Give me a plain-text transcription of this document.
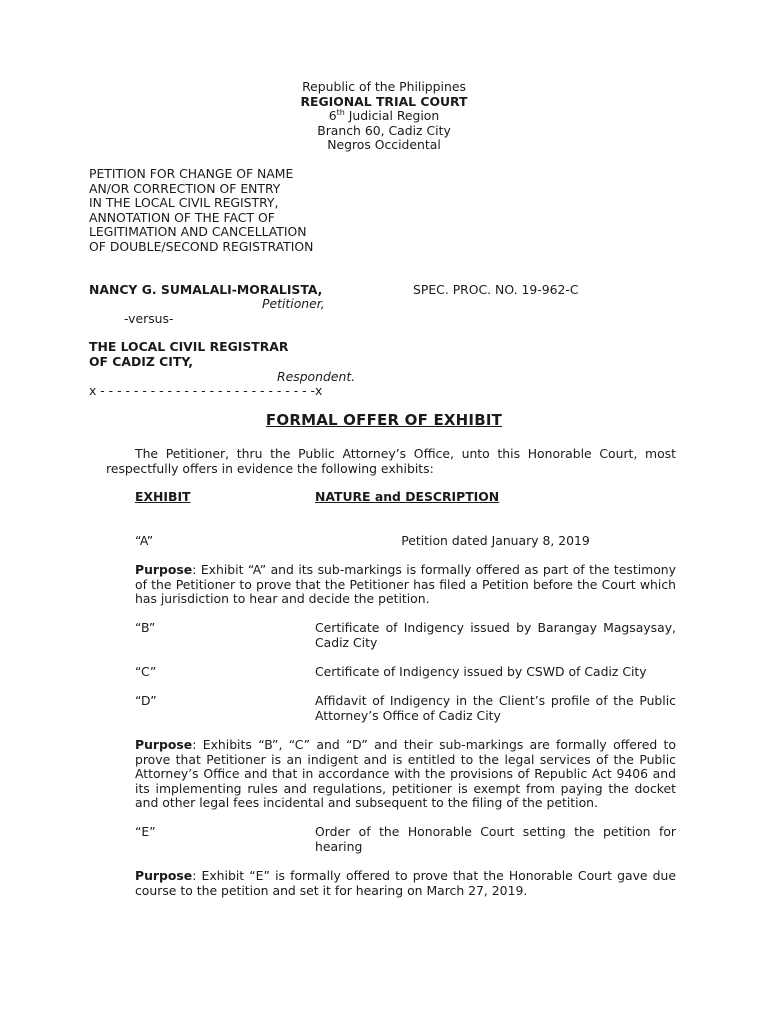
Republic of the Philippines
REGIONAL TRIAL COURT
6th Judicial Region
Branch 60, Cadiz City
Negros Occidental
PETITION FOR CHANGE OF NAME
AN/OR CORRECTION OF ENTRY
IN THE LOCAL CIVIL REGISTRY,
ANNOTATION OF THE FACT OF
LEGITIMATION AND CANCELLATION
OF DOUBLE/SECOND REGISTRATION
NANCY G. SUMALALI-MORALISTA,	SPEC. PROC. NO. 19-962-C
Petitioner,
-versus-
THE LOCAL CIVIL REGISTRAR
OF CADIZ CITY,
Respondent.
x - - - - - - - - - - - - - - - - - - - - - - - - - -x
FORMAL OFFER OF EXHIBIT
The Petitioner, thru the Public Attorney’s Office, unto this Honorable Court, most respectfully offers in evidence the following exhibits:
EXHIBIT	NATURE and DESCRIPTION
“A”	Petition dated January 8, 2019
Purpose: Exhibit “A” and its sub-markings is formally offered as part of the testimony of the Petitioner to prove that the Petitioner has filed a Petition before the Court which has jurisdiction to hear and decide the petition.
“B”	Certificate of Indigency issued by Barangay Magsaysay, Cadiz City
“C”	Certificate of Indigency issued by CSWD of Cadiz City
“D”	Affidavit of Indigency in the Client’s profile of the Public Attorney’s Office of Cadiz City
Purpose: Exhibits “B”, “C” and “D” and their sub-markings are formally offered to prove that Petitioner is an indigent and is entitled to the legal services of the Public Attorney’s Office and that in accordance with the provisions of Republic Act 9406 and its implementing rules and regulations, petitioner is exempt from paying the docket and other legal fees incidental and subsequent to the filing of the petition.
“E”	Order of the Honorable Court setting the petition for hearing
Purpose: Exhibit “E” is formally offered to prove that the Honorable Court gave due course to the petition and set it for hearing on March 27, 2019.
